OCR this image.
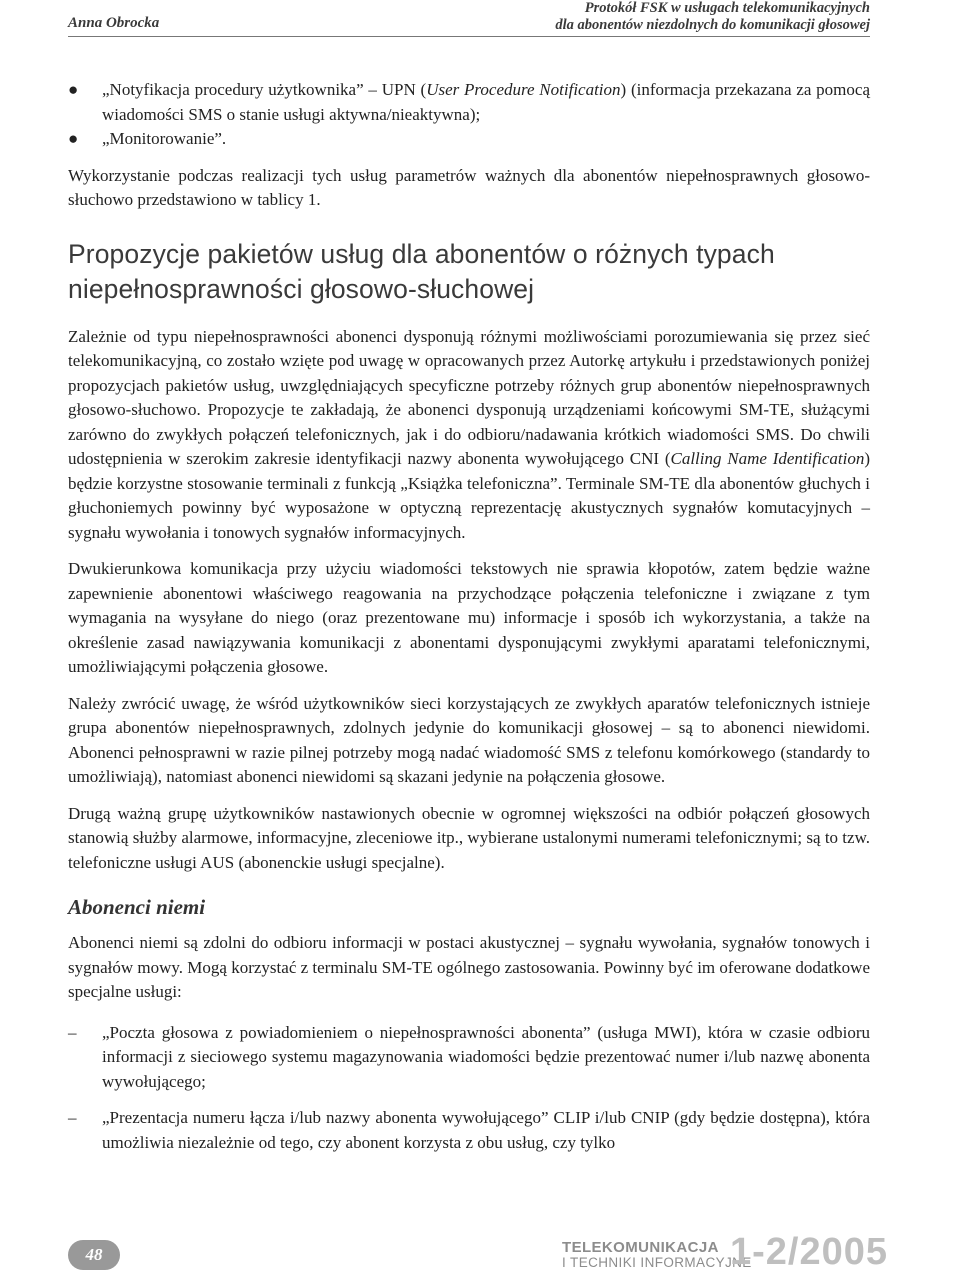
Anna Obrocka
Protokół FSK w usługach telekomunikacyjnych
dla abonentów niezdolnych do komunikacji głosowej
● „Notyfikacja procedury użytkownika” – UPN (User Procedure Notification) (informacja przekazana za pomocą wiadomości SMS o stanie usługi aktywna/nieaktywna);
● „Monitorowanie”.

Wykorzystanie podczas realizacji tych usług parametrów ważnych dla abonentów niepełnosprawnych głosowo-słuchowo przedstawiono w tablicy 1.

Propozycje pakietów usług dla abonentów o różnych typach niepełnosprawności głosowo-słuchowej

Zależnie od typu niepełnosprawności abonenci dysponują różnymi możliwościami porozumiewania się przez sieć telekomunikacyjną, co zostało wzięte pod uwagę w opracowanych przez Autorkę artykułu i przedstawionych poniżej propozycjach pakietów usług, uwzględniających specyficzne potrzeby różnych grup abonentów niepełnosprawnych głosowo-słuchowo. Propozycje te zakładają, że abonenci dysponują urządzeniami końcowymi SM-TE, służącymi zarówno do zwykłych połączeń telefonicznych, jak i do odbioru/nadawania krótkich wiadomości SMS. Do chwili udostępnienia w szerokim zakresie identyfikacji nazwy abonenta wywołującego CNI (Calling Name Identification) będzie korzystne stosowanie terminali z funkcją „Książka telefoniczna”. Terminale SM-TE dla abonentów głuchych i głuchoniemych powinny być wyposażone w optyczną reprezentację akustycznych sygnałów komutacyjnych – sygnału wywołania i tonowych sygnałów informacyjnych.

Dwukierunkowa komunikacja przy użyciu wiadomości tekstowych nie sprawia kłopotów, zatem będzie ważne zapewnienie abonentowi właściwego reagowania na przychodzące połączenia telefoniczne i związane z tym wymagania na wysyłane do niego (oraz prezentowane mu) informacje i sposób ich wykorzystania, a także na określenie zasad nawiązywania komunikacji z abonentami dysponującymi zwykłymi aparatami telefonicznymi, umożliwiającymi połączenia głosowe.

Należy zwrócić uwagę, że wśród użytkowników sieci korzystających ze zwykłych aparatów telefonicznych istnieje grupa abonentów niepełnosprawnych, zdolnych jedynie do komunikacji głosowej – są to abonenci niewidomi. Abonenci pełnosprawni w razie pilnej potrzeby mogą nadać wiadomość SMS z telefonu komórkowego (standardy to umożliwiają), natomiast abonenci niewidomi są skazani jedynie na połączenia głosowe.

Drugą ważną grupę użytkowników nastawionych obecnie w ogromnej większości na odbiór połączeń głosowych stanowią służby alarmowe, informacyjne, zleceniowe itp., wybierane ustalonymi numerami telefonicznymi; są to tzw. telefoniczne usługi AUS (abonenckie usługi specjalne).

Abonenci niemi

Abonenci niemi są zdolni do odbioru informacji w postaci akustycznej – sygnału wywołania, sygnałów tonowych i sygnałów mowy. Mogą korzystać z terminalu SM-TE ogólnego zastosowania. Powinny być im oferowane dodatkowe specjalne usługi:

– „Poczta głosowa z powiadomieniem o niepełnosprawności abonenta” (usługa MWI), która w czasie odbioru informacji z sieciowego systemu magazynowania wiadomości będzie prezentować numer i/lub nazwę abonenta wywołującego;
– „Prezentacja numeru łącza i/lub nazwy abonenta wywołującego” CLIP i/lub CNIP (gdy będzie dostępna), która umożliwia niezależnie od tego, czy abonent korzysta z obu usług, czy tylko
48	TELEKOMUNIKACJA
I TECHNIKI INFORMACYJNE
1-2/2005
